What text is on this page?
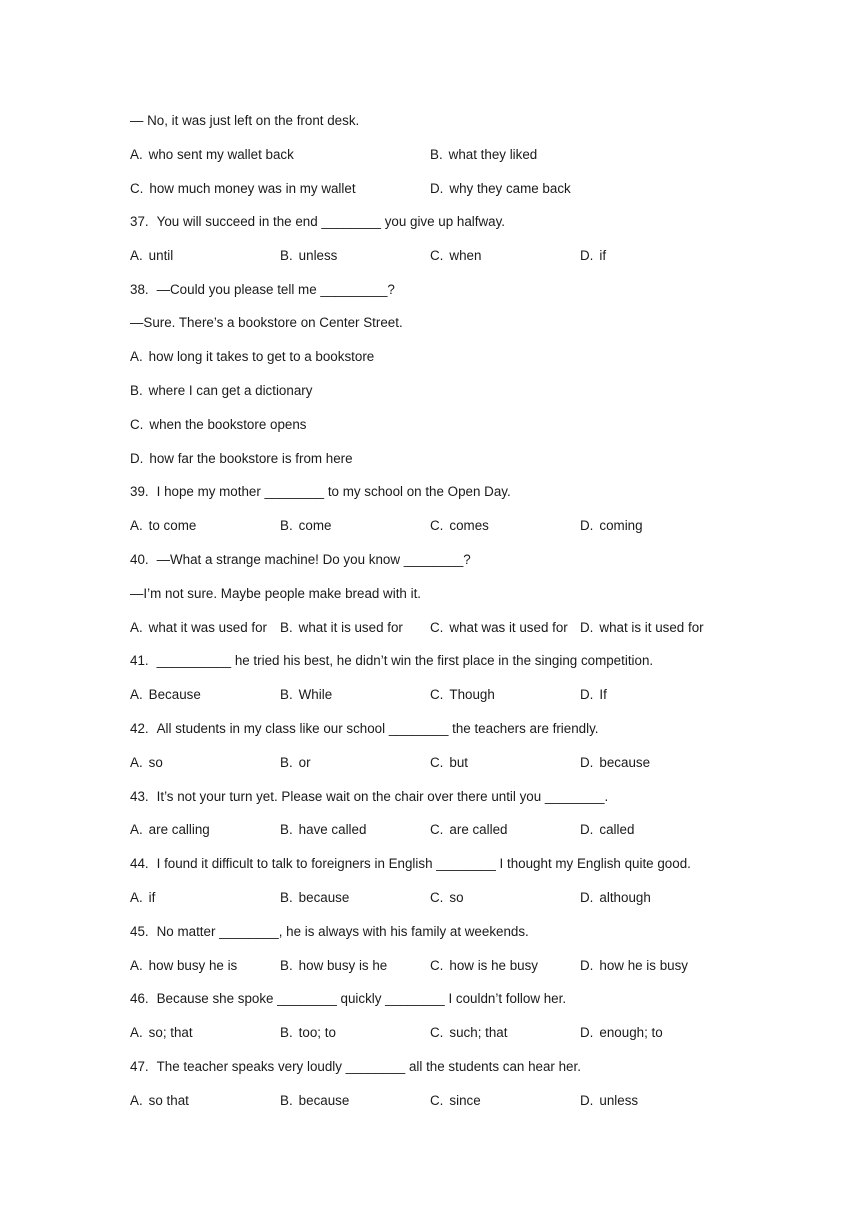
— No, it was just left on the front desk.
A. who sent my wallet back	B. what they liked
C. how much money was in my wallet	D. why they came back
37. You will succeed in the end ________ you give up halfway.
A. until	B. unless	C. when	D. if
38. —Could you please tell me _________?
—Sure. There’s a bookstore on Center Street.
A. how long it takes to get to a bookstore
B. where I can get a dictionary
C. when the bookstore opens
D. how far the bookstore is from here
39. I hope my mother ________ to my school on the Open Day.
A. to come	B. come	C. comes	D. coming
40. —What a strange machine! Do you know ________?
—I’m not sure. Maybe people make bread with it.
A. what it was used for B. what it is used for C. what was it used for D. what is it used for
41. __________ he tried his best, he didn’t win the first place in the singing competition.
A. Because	B. While	C. Though	D. If
42. All students in my class like our school ________ the teachers are friendly.
A. so	B. or	C. but	D. because
43. It’s not your turn yet. Please wait on the chair over there until you ________.
A. are calling	B. have called	C. are called	D. called
44. I found it difficult to talk to foreigners in English ________ I thought my English quite good.
A. if	B. because	C. so	D. although
45. No matter ________, he is always with his family at weekends.
A. how busy he is	B. how busy is he	C. how is he busy	D. how he is busy
46. Because she spoke ________ quickly ________ I couldn’t follow her.
A. so; that	B. too; to	C. such; that	D. enough; to
47. The teacher speaks very loudly ________ all the students can hear her.
A. so that	B. because	C. since	D. unless
